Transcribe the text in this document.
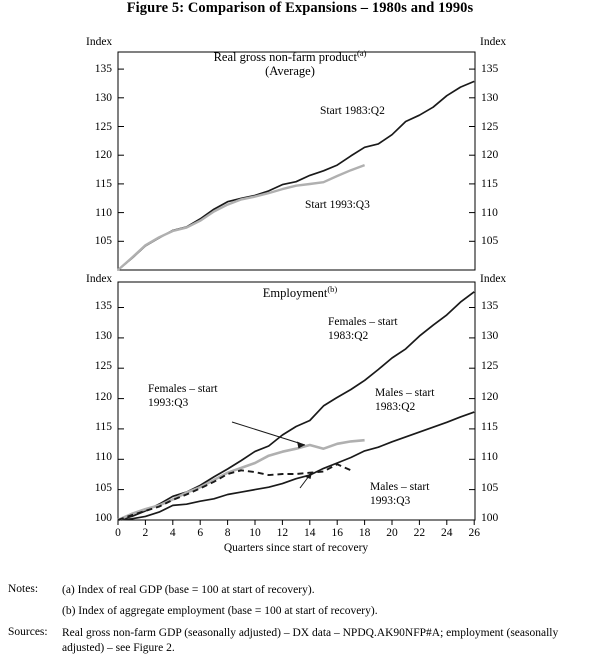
Figure 5: Comparison of Expansions – 1980s and 1990s
Index	Index
Real gross non-farm product$^{(a)}$
(Average)
Start 1983:Q2
Start 1993:Q3
135
130
125
120
115
110
105
135
130
125
120
115
110
105
Index	Index
Employment$^{(b)}$
Females – start
1983:Q2
Males – start
1983:Q2
Females – start
1993:Q3
Males – start
1993:Q3
135
130
125
120
115
110
105
100
135
130
125
120
115
110
105
100
0	2	4	6	8	10	12	14	16	18	20	22	24	26
Quarters since start of recovery
Notes: (a) Index of real GDP (base = 100 at start of recovery).
(b) Index of aggregate employment (base = 100 at start of recovery).
Sources: Real gross non-farm GDP (seasonally adjusted) – DX data – NPDQ.AK90NFP#A; employment (seasonally adjusted) – see Figure 2.
